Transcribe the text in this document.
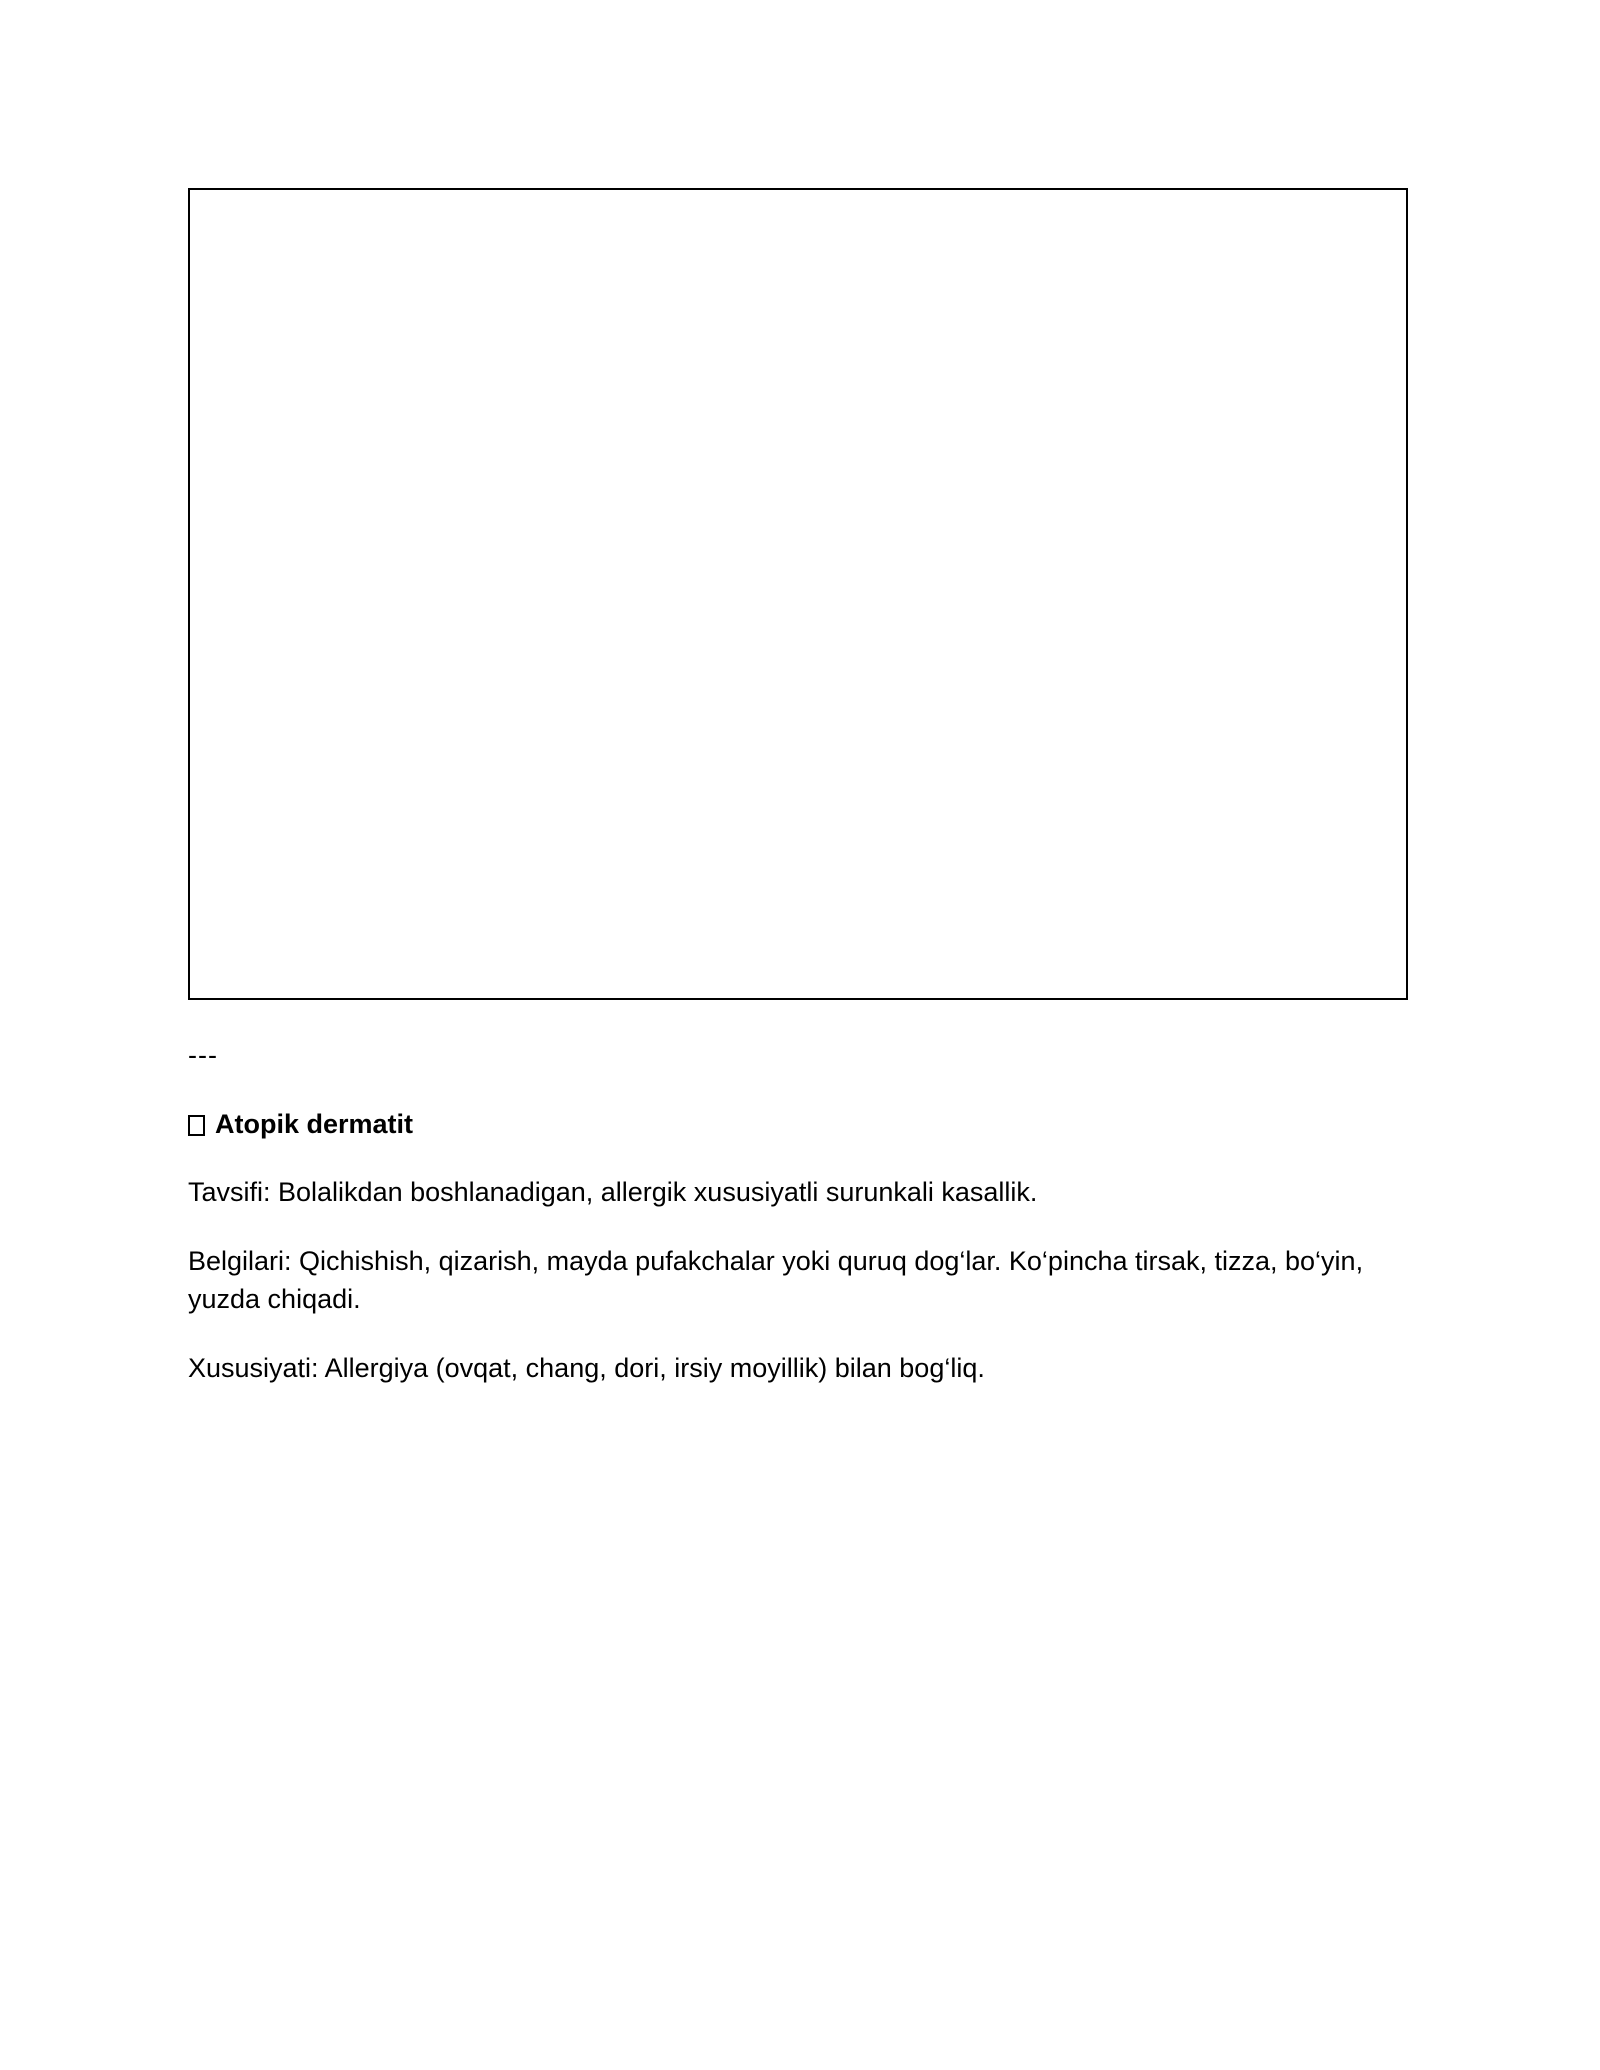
---
Atopik dermatit
Tavsifi: Bolalikdan boshlanadigan, allergik xususiyatli surunkali kasallik.
Belgilari: Qichishish, qizarish, mayda pufakchalar yoki quruq dog‘lar. Ko‘pincha tirsak, tizza, bo‘yin, yuzda chiqadi.
Xususiyati: Allergiya (ovqat, chang, dori, irsiy moyillik) bilan bog‘liq.
